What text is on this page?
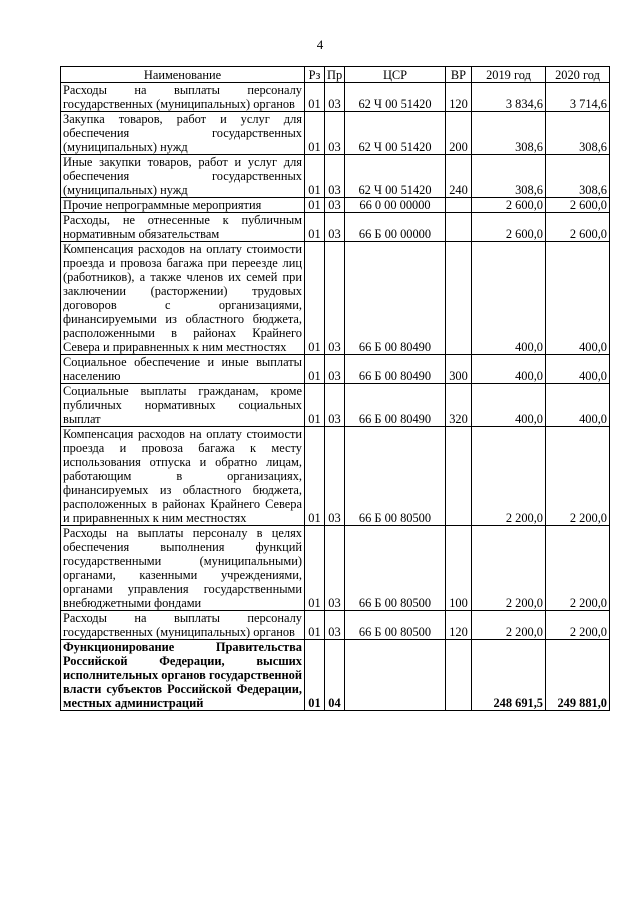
4
Наименование	Рз	Пр	ЦСР	ВР	2019 год	2020 год
Расходы на выплаты персоналу государственных (муниципальных) органов	01	03	62 Ч 00 51420	120	3 834,6	3 714,6
Закупка товаров, работ и услуг для обеспечения государственных (муниципальных) нужд	01	03	62 Ч 00 51420	200	308,6	308,6
Иные закупки товаров, работ и услуг для обеспечения государственных (муниципальных) нужд	01	03	62 Ч 00 51420	240	308,6	308,6
Прочие непрограммные мероприятия	01	03	66 0 00 00000		2 600,0	2 600,0
Расходы, не отнесенные к публичным нормативным обязательствам	01	03	66 Б 00 00000		2 600,0	2 600,0
Компенсация расходов на оплату стоимости проезда и провоза багажа при переезде лиц (работников), а также членов их семей при заключении (расторжении) трудовых договоров с организациями, финансируемыми из областного бюджета, расположенными в районах Крайнего Севера и приравненных к ним местностях	01	03	66 Б 00 80490		400,0	400,0
Социальное обеспечение и иные выплаты населению	01	03	66 Б 00 80490	300	400,0	400,0
Социальные выплаты гражданам, кроме публичных нормативных социальных выплат	01	03	66 Б 00 80490	320	400,0	400,0
Компенсация расходов на оплату стоимости проезда и провоза багажа к месту использования отпуска и обратно лицам, работающим в организациях, финансируемых из областного бюджета, расположенных в районах Крайнего Севера и приравненных к ним местностях	01	03	66 Б 00 80500		2 200,0	2 200,0
Расходы на выплаты персоналу в целях обеспечения выполнения функций государственными (муниципальными) органами, казенными учреждениями, органами управления государственными внебюджетными фондами	01	03	66 Б 00 80500	100	2 200,0	2 200,0
Расходы на выплаты персоналу государственных (муниципальных) органов	01	03	66 Б 00 80500	120	2 200,0	2 200,0
Функционирование Правительства Российской Федерации, высших исполнительных органов государственной власти субъектов Российской Федерации, местных администраций	01	04			248 691,5	249 881,0
